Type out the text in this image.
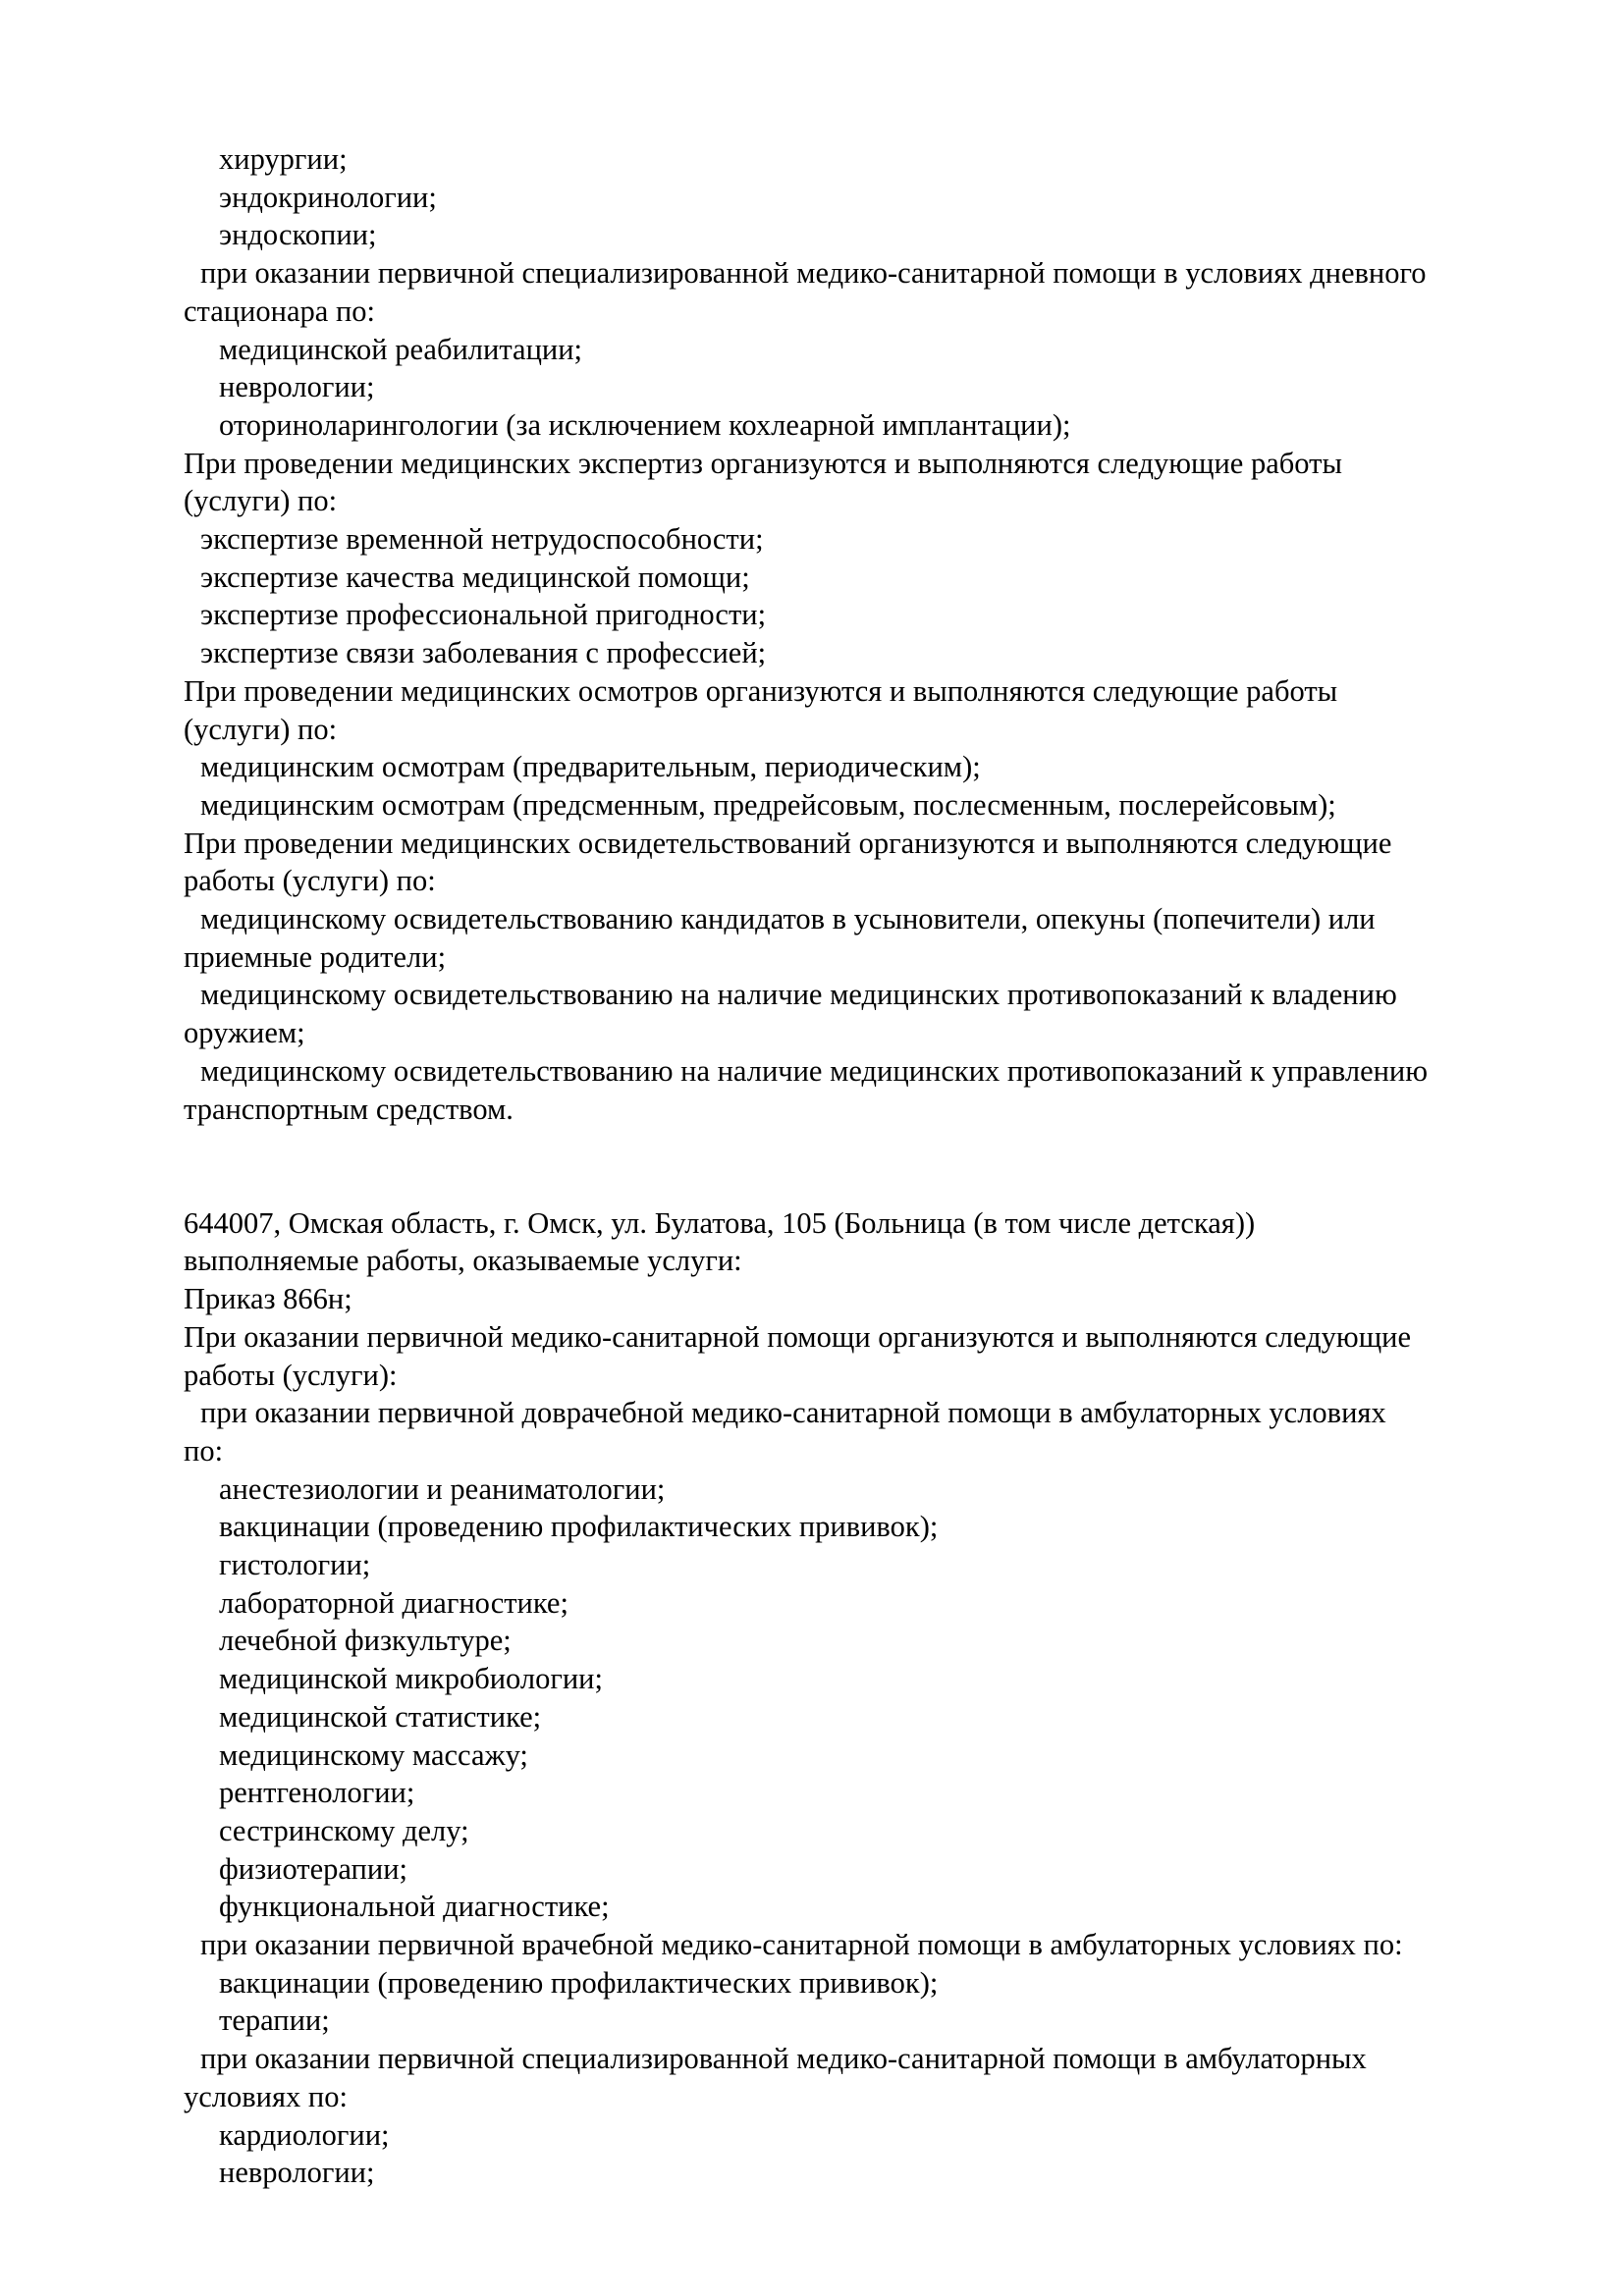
хирургии;
эндокринологии;
эндоскопии;
при оказании первичной специализированной медико-санитарной помощи в условиях дневного
стационара по:
медицинской реабилитации;
неврологии;
оториноларингологии (за исключением кохлеарной имплантации);
При проведении медицинских экспертиз организуются и выполняются следующие работы
(услуги) по:
экспертизе временной нетрудоспособности;
экспертизе качества медицинской помощи;
экспертизе профессиональной пригодности;
экспертизе связи заболевания с профессией;
При проведении медицинских осмотров организуются и выполняются следующие работы
(услуги) по:
медицинским осмотрам (предварительным, периодическим);
медицинским осмотрам (предсменным, предрейсовым, послесменным, послерейсовым);
При проведении медицинских освидетельствований организуются и выполняются следующие
работы (услуги) по:
медицинскому освидетельствованию кандидатов в усыновители, опекуны (попечители) или
приемные родители;
медицинскому освидетельствованию на наличие медицинских противопоказаний к владению
оружием;
медицинскому освидетельствованию на наличие медицинских противопоказаний к управлению
транспортным средством.

644007, Омская область, г. Омск, ул. Булатова, 105 (Больница (в том числе детская))
выполняемые работы, оказываемые услуги:
Приказ 866н;
При оказании первичной медико-санитарной помощи организуются и выполняются следующие
работы (услуги):
при оказании первичной доврачебной медико-санитарной помощи в амбулаторных условиях
по:
анестезиологии и реаниматологии;
вакцинации (проведению профилактических прививок);
гистологии;
лабораторной диагностике;
лечебной физкультуре;
медицинской микробиологии;
медицинской статистике;
медицинскому массажу;
рентгенологии;
сестринскому делу;
физиотерапии;
функциональной диагностике;
при оказании первичной врачебной медико-санитарной помощи в амбулаторных условиях по:
вакцинации (проведению профилактических прививок);
терапии;
при оказании первичной специализированной медико-санитарной помощи в амбулаторных
условиях по:
кардиологии;
неврологии;
